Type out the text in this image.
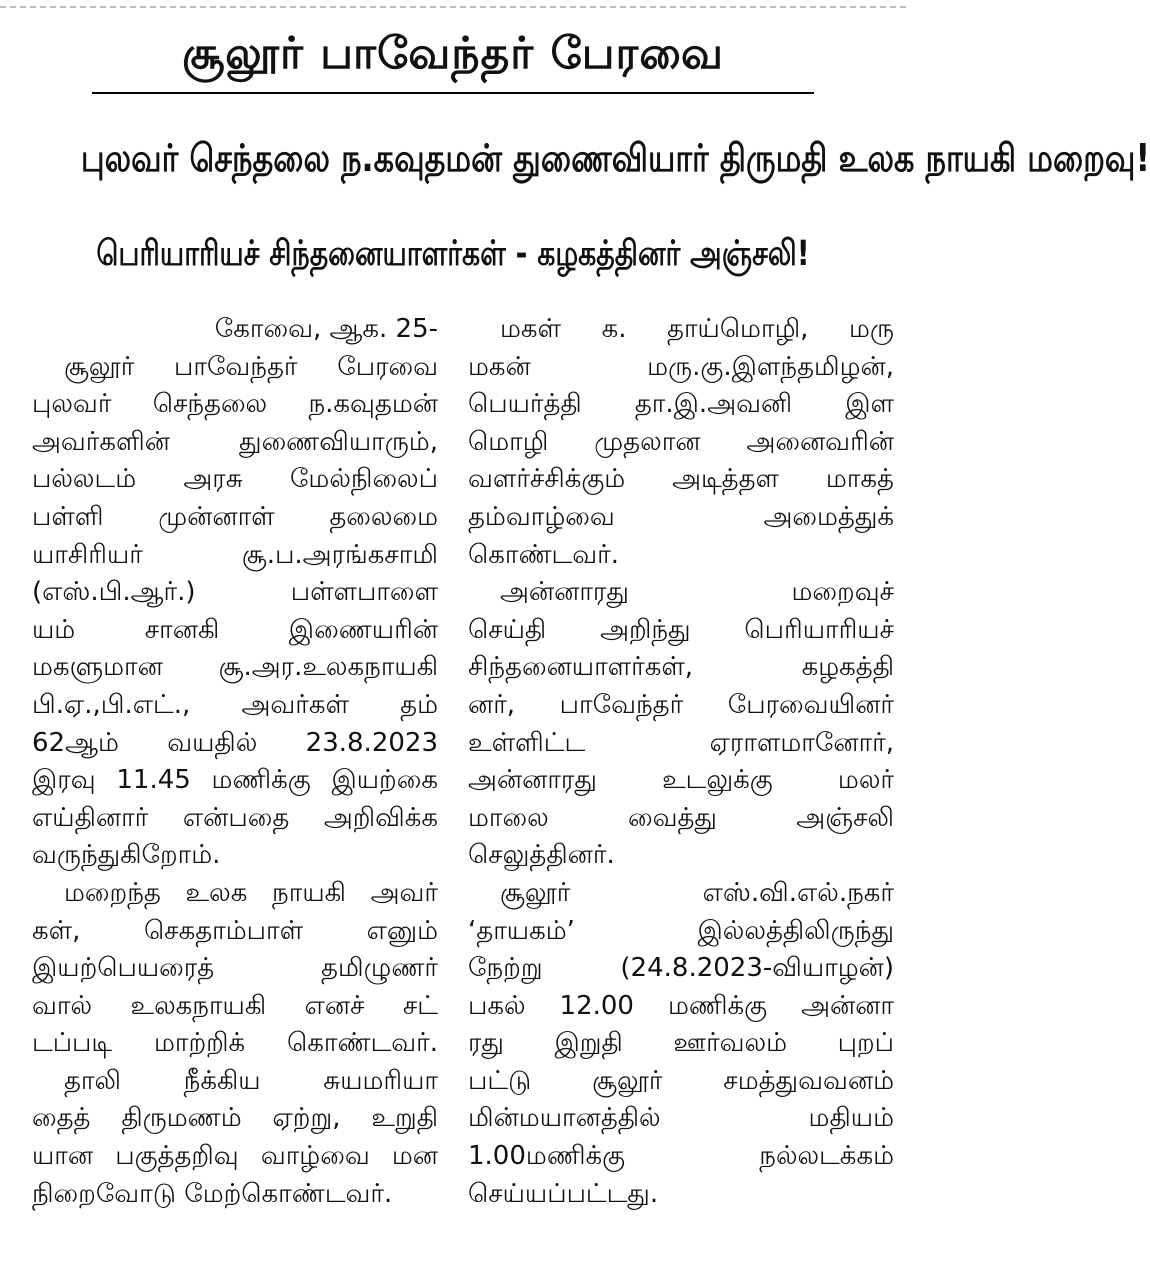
சூலூர் பாவேந்தர் பேரவை
புலவர் செந்தலை ந.கவுதமன் துணைவியார் திருமதி உலக நாயகி மறைவு!
பெரியாரியச் சிந்தனையாளர்கள் - கழகத்தினர் அஞ்சலி!
கோவை, ஆக. 25-
சூலூர் பாவேந்தர் பேரவை
புலவர் செந்தலை ந.கவுதமன்
அவர்களின் துணைவியாரும்,
பல்லடம் அரசு மேல்நிலைப்
பள்ளி முன்னாள் தலைமை
யாசிரியர் சூ.ப.அரங்கசாமி
(எஸ்.பி.ஆர்.) பள்ளபாளை
யம் சானகி இணையரின்
மகளுமான சூ.அர.உலகநாயகி
பி.ஏ.,பி.எட்., அவர்கள் தம்
62ஆம் வயதில் 23.8.2023
இரவு 11.45 மணிக்கு இயற்கை
எய்தினார் என்பதை அறிவிக்க
வருந்துகிறோம்.
மறைந்த உலக நாயகி அவர்
கள், செகதாம்பாள் எனும்
இயற்பெயரைத் தமிழுணர்
வால் உலகநாயகி எனச் சட்
டப்படி மாற்றிக் கொண்டவர்.
தாலி நீக்கிய சுயமரியா
தைத் திருமணம் ஏற்று, உறுதி
யான பகுத்தறிவு வாழ்வை மன
நிறைவோடு மேற்கொண்டவர்.
மகள் க. தாய்மொழி, மரு
மகன் மரு.கு.இளந்தமிழன்,
பெயர்த்தி தா.இ.அவனி இள
மொழி முதலான அனைவரின்
வளர்ச்சிக்கும் அடித்தள மாகத்
தம்வாழ்வை அமைத்துக்
கொண்டவர்.
அன்னாரது மறைவுச்
செய்தி அறிந்து பெரியாரியச்
சிந்தனையாளர்கள், கழகத்தி
னர், பாவேந்தர் பேரவையினர்
உள்ளிட்ட ஏராளமானோர்,
அன்னாரது உடலுக்கு மலர்
மாலை வைத்து அஞ்சலி
செலுத்தினர்.
சூலூர் எஸ்.வி.எல்.நகர்
‘தாயகம்’ இல்லத்திலிருந்து
நேற்று (24.8.2023-வியாழன்)
பகல் 12.00 மணிக்கு அன்னா
ரது இறுதி ஊர்வலம் புறப்
பட்டு சூலூர் சமத்துவவனம்
மின்மயானத்தில் மதியம்
1.00மணிக்கு நல்லடக்கம்
செய்யப்பட்டது.
